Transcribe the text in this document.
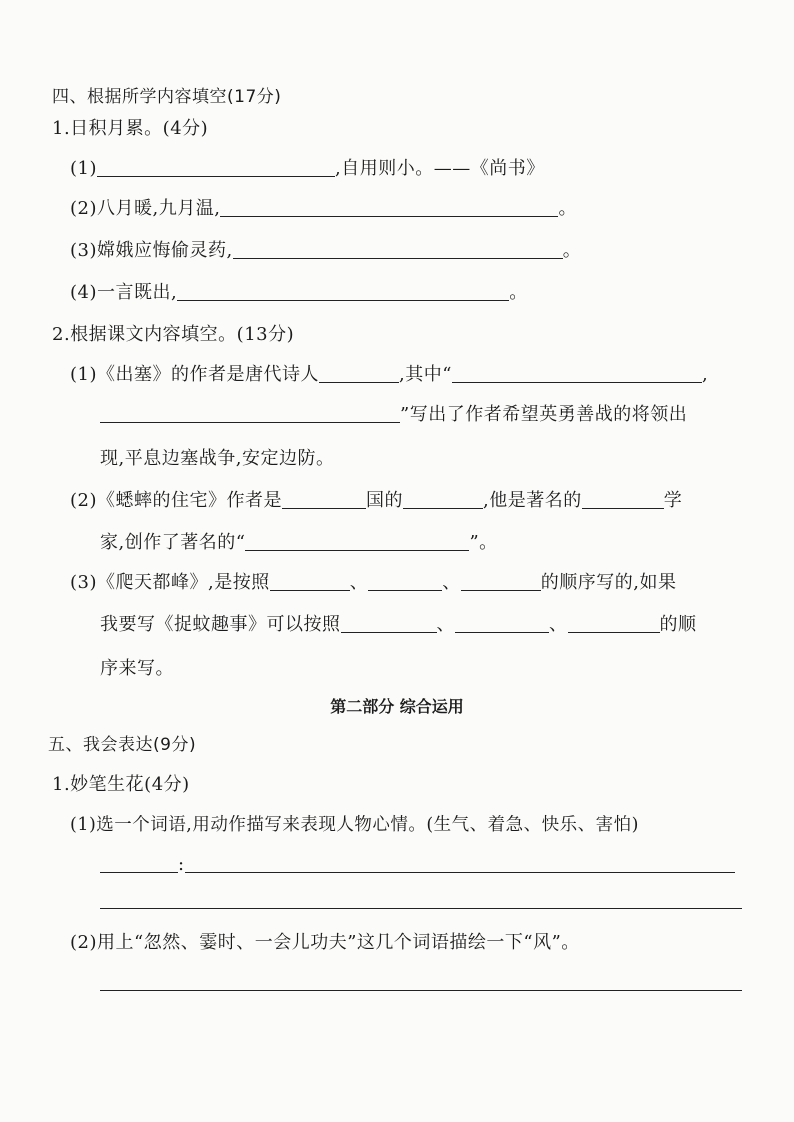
四、根据所学内容填空(17分)
1.日积月累。(4分)
(1)	,自用则小。——《尚书》
(2)八月暖,九月温,	。
(3)嫦娥应悔偷灵药,	。
(4)一言既出,	。
2.根据课文内容填空。(13分)
(1)《出塞》的作者是唐代诗人	,其中“	,
”写出了作者希望英勇善战的将领出
现,平息边塞战争,安定边防。
(2)《蟋蟀的住宅》作者是	国的	,他是著名的	学
家,创作了著名的“	”。
(3)《爬天都峰》,是按照	、	、	的顺序写的,如果
我要写《捉蚊趣事》可以按照	、	、	的顺
序来写。
第二部分 综合运用
五、我会表达(9分)
1.妙笔生花(4分)
(1)选一个词语,用动作描写来表现人物心情。(生气、着急、快乐、害怕)
:
(2)用上“忽然、霎时、一会儿功夫”这几个词语描绘一下“风”。
